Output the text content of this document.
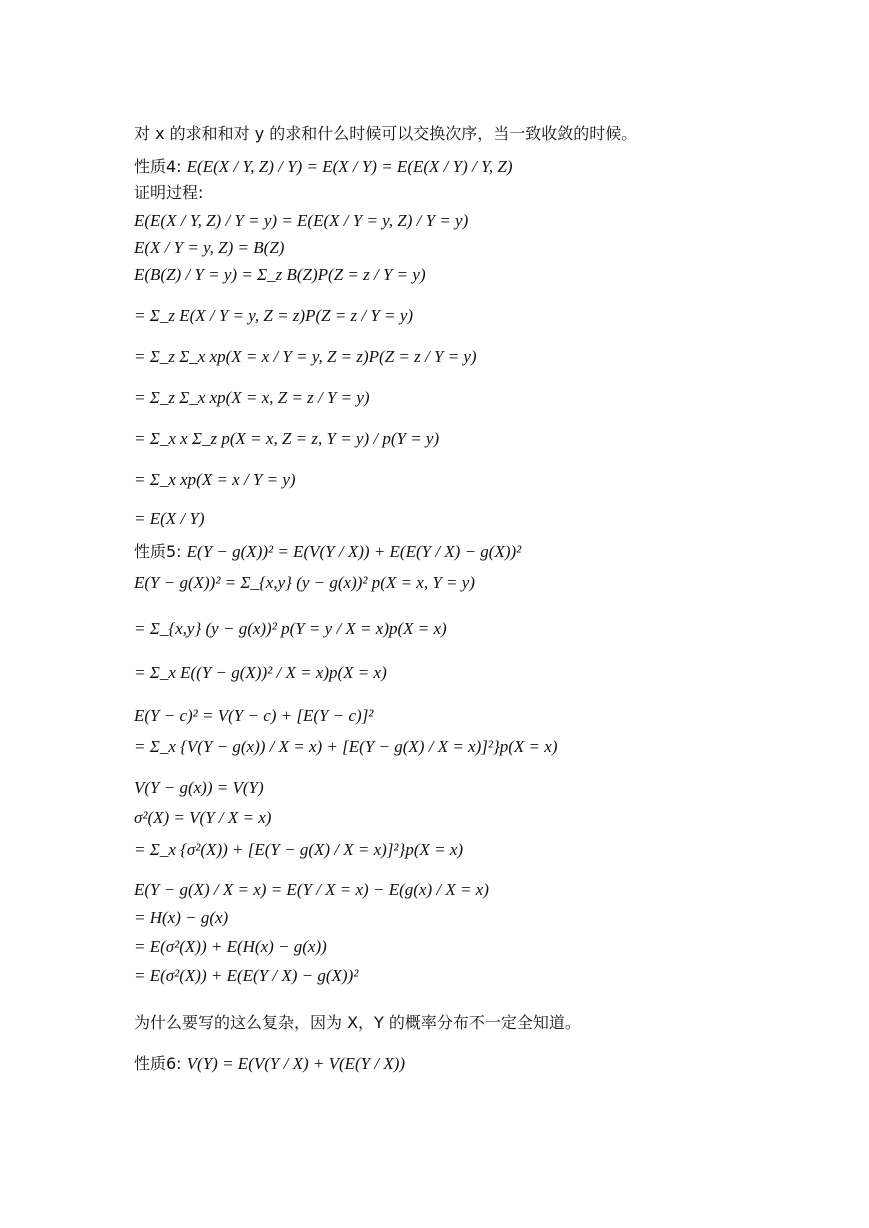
对 x 的求和和对 y 的求和什么时候可以交换次序，当一致收敛的时候。
性质4: E(E(X / Y, Z) / Y) = E(X / Y) = E(E(X / Y) / Y, Z)
证明过程:
E(E(X / Y, Z) / Y = y) = E(E(X / Y = y, Z) / Y = y)
E(X / Y = y, Z) = B(Z)
E(B(Z) / Y = y) = Σ_z B(Z)P(Z = z / Y = y)
= Σ_z E(X / Y = y, Z = z)P(Z = z / Y = y)
= Σ_z Σ_x xp(X = x / Y = y, Z = z)P(Z = z / Y = y)
= Σ_z Σ_x xp(X = x, Z = z / Y = y)
= Σ_x x Σ_z p(X = x, Z = z, Y = y) / p(Y = y)
= Σ_x xp(X = x / Y = y)
= E(X / Y)
性质5: E(Y − g(X))² = E(V(Y / X)) + E(E(Y / X) − g(X))²
E(Y − g(X))² = Σ_{x,y} (y − g(x))² p(X = x, Y = y)
= Σ_{x,y} (y − g(x))² p(Y = y / X = x)p(X = x)
= Σ_x E((Y − g(X))² / X = x)p(X = x)
E(Y − c)² = V(Y − c) + [E(Y − c)]²
= Σ_x {V(Y − g(x)) / X = x) + [E(Y − g(X) / X = x)]²}p(X = x)
V(Y − g(x)) = V(Y)
σ²(X) = V(Y / X = x)
= Σ_x {σ²(X)) + [E(Y − g(X) / X = x)]²}p(X = x)
E(Y − g(X) / X = x) = E(Y / X = x) − E(g(x) / X = x)
= H(x) − g(x)
= E(σ²(X)) + E(H(x) − g(x))
= E(σ²(X)) + E(E(Y / X) − g(X))²
为什么要写的这么复杂，因为 X，Y 的概率分布不一定全知道。
性质6: V(Y) = E(V(Y / X) + V(E(Y / X))
